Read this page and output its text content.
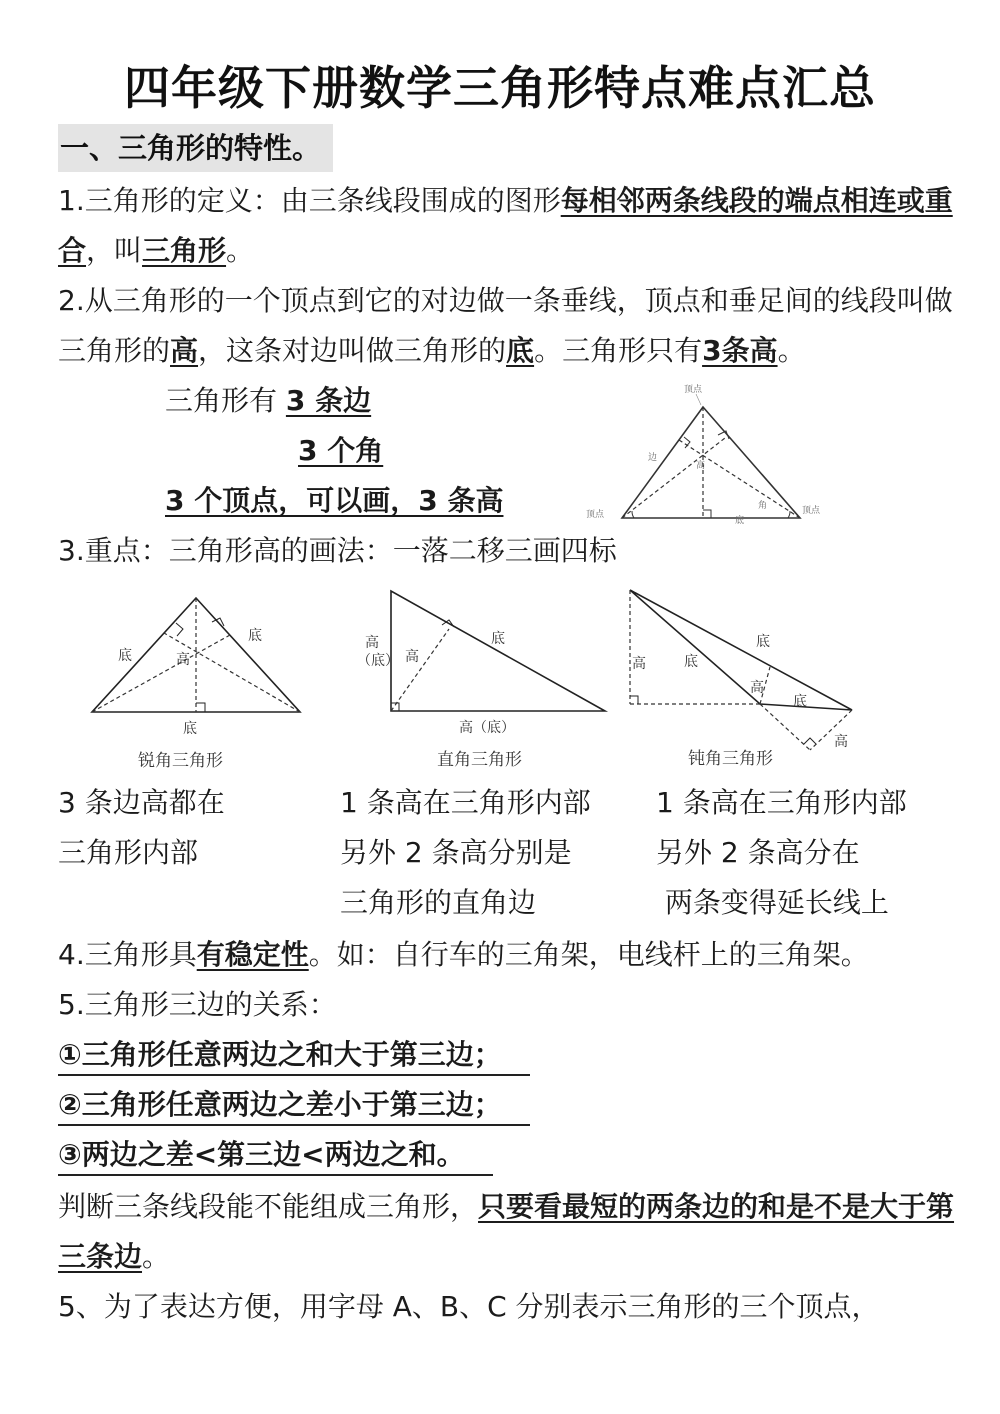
四年级下册数学三角形特点难点汇总
一、三角形的特性。

1.三角形的定义：由三条线段围成的图形每相邻两条线段的端点相连或重合，叫三角形。

2.从三角形的一个顶点到它的对边做一条垂线，顶点和垂足间的线段叫做三角形的高，这条对边叫做三角形的底。三角形只有3条高。

三角形有 3 条边
3 个角
3 个顶点，可以画，3 条高
顶点
顶点	顶点
边
角
高
底

3.重点：三角形高的画法：一落二移三画四标

底
底
高
底
锐角三角形
高
（底） 高
底
高（底）
直角三角形
高	底
底
高
底
高
钝角三角形
3 条边高都在
三角形内部
1 条高在三角形内部
另外 2 条高分别是
三角形的直角边
1 条高在三角形内部
另外 2 条高分在
两条变得延长线上

4.三角形具有稳定性。如：自行车的三角架，电线杆上的三角架。

5.三角形三边的关系：

①三角形任意两边之和大于第三边； 
②三角形任意两边之差小于第三边； 
③两边之差<第三边<两边之和。 

判断三条线段能不能组成三角形，只要看最短的两条边的和是不是大于第三条边。

5、为了表达方便，用字母 A、B、C 分别表示三角形的三个顶点，
